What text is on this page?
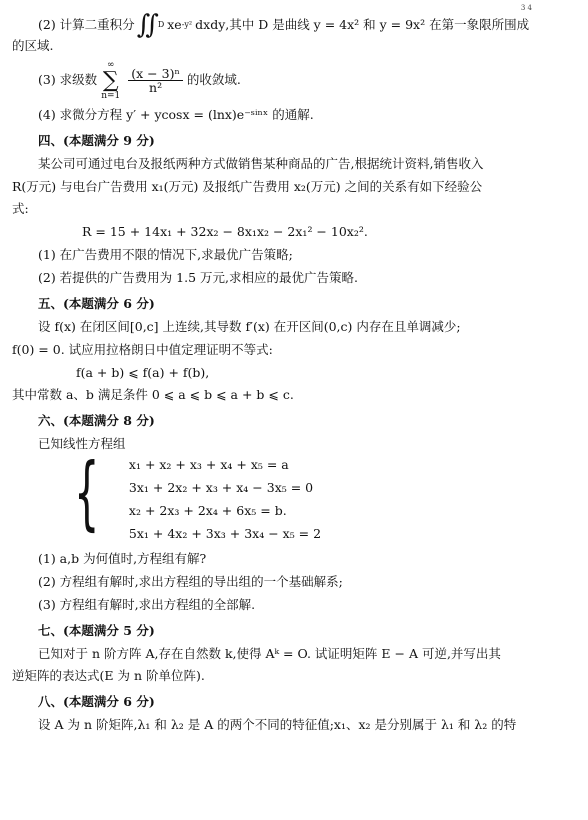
3 4
(2) 计算二重积分 ∬ D xe -y² dxdy ,其中 D 是曲线 y = 4x² 和 y = 9x² 在第一象限所围成
的区域.
(3) 求级数
∞
∑
n=1
$\frac{\text{(x − 3)ⁿ}}{\text{n²}}$ 的收敛域.
(4) 求微分方程 y′ + ycosx = (lnx)e⁻ˢⁱⁿˣ 的通解.
四、(本题满分 9 分)
某公司可通过电台及报纸两种方式做销售某种商品的广告,根据统计资料,销售收入
R(万元) 与电台广告费用 x₁(万元) 及报纸广告费用 x₂(万元) 之间的关系有如下经验公
式:
R = 15 + 14x₁ + 32x₂ − 8x₁x₂ − 2x₁² − 10x₂².
(1) 在广告费用不限的情况下,求最优广告策略;
(2) 若提供的广告费用为 1.5 万元,求相应的最优广告策略.
五、(本题满分 6 分)
设 f(x) 在闭区间[0,c] 上连续,其导数 f′(x) 在开区间(0,c) 内存在且单调减少;
f(0) = 0. 试应用拉格朗日中值定理证明不等式:
f(a + b) ⩽ f(a) + f(b),
其中常数 a、b 满足条件 0 ⩽ a ⩽ b ⩽ a + b ⩽ c.
六、(本题满分 8 分)
已知线性方程组
{ x₁ + x₂ + x₃ + x₄ + x₅ = a
3x₁ + 2x₂ + x₃ + x₄ − 3x₅ = 0
x₂ + 2x₃ + 2x₄ + 6x₅ = b.
5x₁ + 4x₂ + 3x₃ + 3x₄ − x₅ = 2
(1) a,b 为何值时,方程组有解?
(2) 方程组有解时,求出方程组的导出组的一个基础解系;
(3) 方程组有解时,求出方程组的全部解.
七、(本题满分 5 分)
已知对于 n 阶方阵 A,存在自然数 k,使得 Aᵏ = O. 试证明矩阵 E − A 可逆,并写出其
逆矩阵的表达式(E 为 n 阶单位阵).
八、(本题满分 6 分)
设 A 为 n 阶矩阵,λ₁ 和 λ₂ 是 A 的两个不同的特征值;x₁、x₂ 是分别属于 λ₁ 和 λ₂ 的特
